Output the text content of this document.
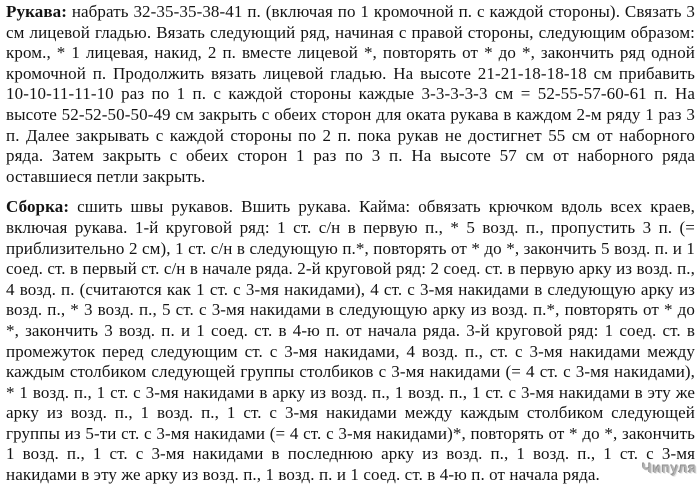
Рукава: набрать 32-35-35-38-41 п. (включая по 1 кромочной п. с каждой стороны). Связать 3 см лицевой гладью. Вязать следующий ряд, начиная с правой стороны, следующим образом: кром., * 1 лицевая, накид, 2 п. вместе лицевой *, повторять от * до *, закончить ряд одной кромочной п. Продолжить вязать лицевой гладью. На высоте 21-21-18-18-18 см прибавить 10-10-11-11-10 раз по 1 п. с каждой стороны каждые 3-3-3-3-3 см = 52-55-57-60-61 п. На высоте 52-52-50-50-49 см закрыть с обеих сторон для оката рукава в каждом 2-м ряду 1 раз 3 п. Далее закрывать с каждой стороны по 2 п. пока рукав не достигнет 55 см от наборного ряда. Затем закрыть с обеих сторон 1 раз по 3 п. На высоте 57 см от наборного ряда оставшиеся петли закрыть.

Сборка: сшить швы рукавов. Вшить рукава. Кайма: обвязать крючком вдоль всех краев, включая рукава. 1-й круговой ряд: 1 ст. с/н в первую п., * 5 возд. п., пропустить 3 п. (= приблизительно 2 см), 1 ст. с/н в следующую п.*, повторять от * до *, закончить 5 возд. п. и 1 соед. ст. в первый ст. с/н в начале ряда. 2-й круговой ряд: 2 соед. ст. в первую арку из возд. п., 4 возд. п. (считаются как 1 ст. с 3-мя накидами), 4 ст. с 3-мя накидами в следующую арку из возд. п., * 3 возд. п., 5 ст. с 3-мя накидами в следующую арку из возд. п.*, повторять от * до *, закончить 3 возд. п. и 1 соед. ст. в 4-ю п. от начала ряда. 3-й круговой ряд: 1 соед. ст. в промежуток перед следующим ст. с 3-мя накидами, 4 возд. п., ст. с 3-мя накидами между каждым столбиком следующей группы столбиков с 3-мя накидами (= 4 ст. с 3-мя накидами), * 1 возд. п., 1 ст. с 3-мя накидами в арку из возд. п., 1 возд. п., 1 ст. с 3-мя накидами в эту же арку из возд. п., 1 возд. п., 1 ст. с 3-мя накидами между каждым столбиком следующей группы из 5-ти ст. с 3-мя накидами (= 4 ст. с 3-мя накидами)*, повторять от * до *, закончить 1 возд. п., 1 ст. с 3-мя накидами в последнюю арку из возд. п., 1 возд. п., 1 ст. с 3-мя накидами в эту же арку из возд. п., 1 возд. п. и 1 соед. ст. в 4-ю п. от начала ряда.	Чипуля
